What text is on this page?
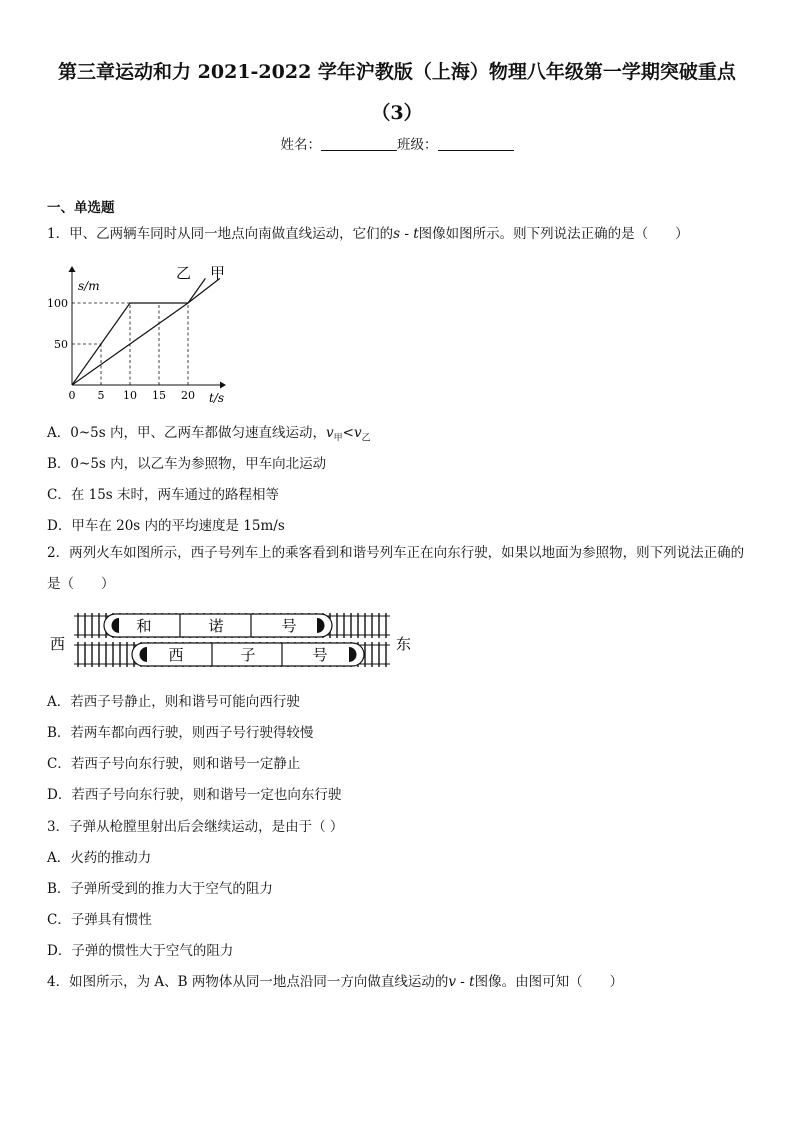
第三章运动和力 2021-2022 学年沪教版（上海）物理八年级第一学期突破重点
（3）
姓名：	班级：
一、单选题
1．甲、乙两辆车同时从同一地点向南做直线运动，它们的s - t图像如图所示。则下列说法正确的是（　　）
0 5 10 15 20
50
100
s/m
t/s
乙 甲
A．0~5s 内，甲、乙两车都做匀速直线运动，$v_甲<v_乙$
B．0~5s 内，以乙车为参照物，甲车向北运动
C．在 15s 末时，两车通过的路程相等
D．甲车在 20s 内的平均速度是 15m/s
2．两列火车如图所示，西子号列车上的乘客看到和谐号列车正在向东行驶，如果以地面为参照物，则下列说法正确的是（　　）
西	东
和	诺	号
西	子	号
A．若西子号静止，则和谐号可能向西行驶
B．若两车都向西行驶，则西子号行驶得较慢
C．若西子号向东行驶，则和谐号一定静止
D．若西子号向东行驶，则和谐号一定也向东行驶
3．子弹从枪膛里射出后会继续运动，是由于（ ）
A．火药的推动力
B．子弹所受到的推力大于空气的阻力
C．子弹具有惯性
D．子弹的惯性大于空气的阻力
4．如图所示，为 A、B 两物体从同一地点沿同一方向做直线运动的v - t图像。由图可知（　　）
